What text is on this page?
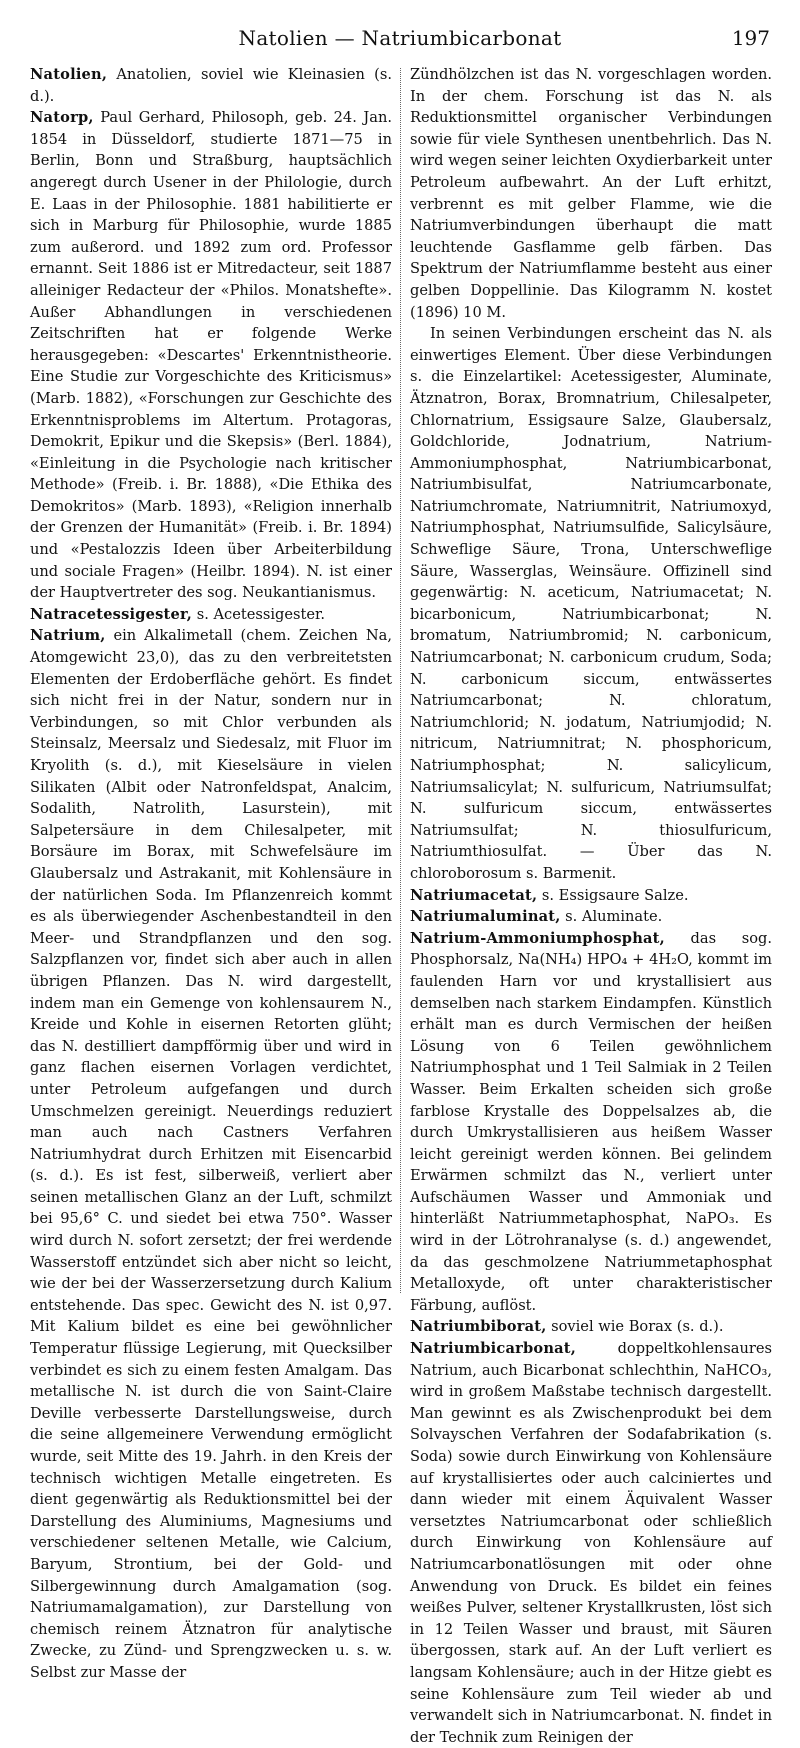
Natolien — Natriumbicarbonat	197

Natolien, Anatolien, soviel wie Kleinasien (s. d.).

Natorp, Paul Gerhard, Philosoph, geb. 24. Jan. 1854 in Düsseldorf, studierte 1871—75 in Berlin, Bonn und Straßburg, hauptsächlich angeregt durch Usener in der Philologie, durch E. Laas in der Philosophie. 1881 habilitierte er sich in Marburg für Philosophie, wurde 1885 zum außerord. und 1892 zum ord. Professor ernannt. Seit 1886 ist er Mitredacteur, seit 1887 alleiniger Redacteur der «Philos. Monatshefte». Außer Abhandlungen in verschiedenen Zeitschriften hat er folgende Werke herausgegeben: «Descartes' Erkenntnistheorie. Eine Studie zur Vorgeschichte des Kriticismus» (Marb. 1882), «Forschungen zur Geschichte des Erkenntnisproblems im Altertum. Protagoras, Demokrit, Epikur und die Skepsis» (Berl. 1884), «Einleitung in die Psychologie nach kritischer Methode» (Freib. i. Br. 1888), «Die Ethika des Demokritos» (Marb. 1893), «Religion innerhalb der Grenzen der Humanität» (Freib. i. Br. 1894) und «Pestalozzis Ideen über Arbeiterbildung und sociale Fragen» (Heilbr. 1894). N. ist einer der Hauptvertreter des sog. Neukantianismus.

Natracetessigester, s. Acetessigester.

Natrium, ein Alkalimetall (chem. Zeichen Na, Atomgewicht 23,0), das zu den verbreitetsten Elementen der Erdoberfläche gehört. Es findet sich nicht frei in der Natur, sondern nur in Verbindungen, so mit Chlor verbunden als Steinsalz, Meersalz und Siedesalz, mit Fluor im Kryolith (s. d.), mit Kieselsäure in vielen Silikaten (Albit oder Natronfeldspat, Analcim, Sodalith, Natrolith, Lasurstein), mit Salpetersäure in dem Chilesalpeter, mit Borsäure im Borax, mit Schwefelsäure im Glaubersalz und Astrakanit, mit Kohlensäure in der natürlichen Soda. Im Pflanzenreich kommt es als überwiegender Aschenbestandteil in den Meer- und Strandpflanzen und den sog. Salzpflanzen vor, findet sich aber auch in allen übrigen Pflanzen. Das N. wird dargestellt, indem man ein Gemenge von kohlensaurem N., Kreide und Kohle in eisernen Retorten glüht; das N. destilliert dampfförmig über und wird in ganz flachen eisernen Vorlagen verdichtet, unter Petroleum aufgefangen und durch Umschmelzen gereinigt. Neuerdings reduziert man auch nach Castners Verfahren Natriumhydrat durch Erhitzen mit Eisencarbid (s. d.). Es ist fest, silberweiß, verliert aber seinen metallischen Glanz an der Luft, schmilzt bei 95,6° C. und siedet bei etwa 750°. Wasser wird durch N. sofort zersetzt; der frei werdende Wasserstoff entzündet sich aber nicht so leicht, wie der bei der Wasserzersetzung durch Kalium entstehende. Das spec. Gewicht des N. ist 0,97. Mit Kalium bildet es eine bei gewöhnlicher Temperatur flüssige Legierung, mit Quecksilber verbindet es sich zu einem festen Amalgam. Das metallische N. ist durch die von Saint-Claire Deville verbesserte Darstellungsweise, durch die seine allgemeinere Verwendung ermöglicht wurde, seit Mitte des 19. Jahrh. in den Kreis der technisch wichtigen Metalle eingetreten. Es dient gegenwärtig als Reduktionsmittel bei der Darstellung des Aluminiums, Magnesiums und verschiedener seltenen Metalle, wie Calcium, Baryum, Strontium, bei der Gold- und Silbergewinnung durch Amalgamation (sog. Natriumamalgamation), zur Darstellung von chemisch reinem Ätznatron für analytische Zwecke, zu Zünd- und Sprengzwecken u. s. w. Selbst zur Masse der

Zündhölzchen ist das N. vorgeschlagen worden. In der chem. Forschung ist das N. als Reduktionsmittel organischer Verbindungen sowie für viele Synthesen unentbehrlich. Das N. wird wegen seiner leichten Oxydierbarkeit unter Petroleum aufbewahrt. An der Luft erhitzt, verbrennt es mit gelber Flamme, wie die Natriumverbindungen überhaupt die matt leuchtende Gasflamme gelb färben. Das Spektrum der Natriumflamme besteht aus einer gelben Doppellinie. Das Kilogramm N. kostet (1896) 10 M.

In seinen Verbindungen erscheint das N. als einwertiges Element. Über diese Verbindungen s. die Einzelartikel: Acetessigester, Aluminate, Ätznatron, Borax, Bromnatrium, Chilesalpeter, Chlornatrium, Essigsaure Salze, Glaubersalz, Goldchloride, Jodnatrium, Natrium-Ammoniumphosphat, Natriumbicarbonat, Natriumbisulfat, Natriumcarbonate, Natriumchromate, Natriumnitrit, Natriumoxyd, Natriumphosphat, Natriumsulfide, Salicylsäure, Schweflige Säure, Trona, Unterschweflige Säure, Wasserglas, Weinsäure. Offizinell sind gegenwärtig: N. aceticum, Natriumacetat; N. bicarbonicum, Natriumbicarbonat; N. bromatum, Natriumbromid; N. carbonicum, Natriumcarbonat; N. carbonicum crudum, Soda; N. carbonicum siccum, entwässertes Natriumcarbonat; N. chloratum, Natriumchlorid; N. jodatum, Natriumjodid; N. nitricum, Natriumnitrat; N. phosphoricum, Natriumphosphat; N. salicylicum, Natriumsalicylat; N. sulfuricum, Natriumsulfat; N. sulfuricum siccum, entwässertes Natriumsulfat; N. thiosulfuricum, Natriumthiosulfat. — Über das N. chloroborosum s. Barmenit.

Natriumacetat, s. Essigsaure Salze.

Natriumaluminat, s. Aluminate.

Natrium-Ammoniumphosphat, das sog. Phosphorsalz, Na(NH₄) HPO₄ + 4H₂O, kommt im faulenden Harn vor und krystallisiert aus demselben nach starkem Eindampfen. Künstlich erhält man es durch Vermischen der heißen Lösung von 6 Teilen gewöhnlichem Natriumphosphat und 1 Teil Salmiak in 2 Teilen Wasser. Beim Erkalten scheiden sich große farblose Krystalle des Doppelsalzes ab, die durch Umkrystallisieren aus heißem Wasser leicht gereinigt werden können. Bei gelindem Erwärmen schmilzt das N., verliert unter Aufschäumen Wasser und Ammoniak und hinterläßt Natriummetaphosphat, NaPO₃. Es wird in der Lötrohranalyse (s. d.) angewendet, da das geschmolzene Natriummetaphosphat Metalloxyde, oft unter charakteristischer Färbung, auflöst.

Natriumbiborat, soviel wie Borax (s. d.).

Natriumbicarbonat, doppeltkohlensaures Natrium, auch Bicarbonat schlechthin, NaHCO₃, wird in großem Maßstabe technisch dargestellt. Man gewinnt es als Zwischenprodukt bei dem Solvayschen Verfahren der Sodafabrikation (s. Soda) sowie durch Einwirkung von Kohlensäure auf krystallisiertes oder auch calciniertes und dann wieder mit einem Äquivalent Wasser versetztes Natriumcarbonat oder schließlich durch Einwirkung von Kohlensäure auf Natriumcarbonatlösungen mit oder ohne Anwendung von Druck. Es bildet ein feines weißes Pulver, seltener Krystallkrusten, löst sich in 12 Teilen Wasser und braust, mit Säuren übergossen, stark auf. An der Luft verliert es langsam Kohlensäure; auch in der Hitze giebt es seine Kohlensäure zum Teil wieder ab und verwandelt sich in Natriumcarbonat. N. findet in der Technik zum Reinigen der
